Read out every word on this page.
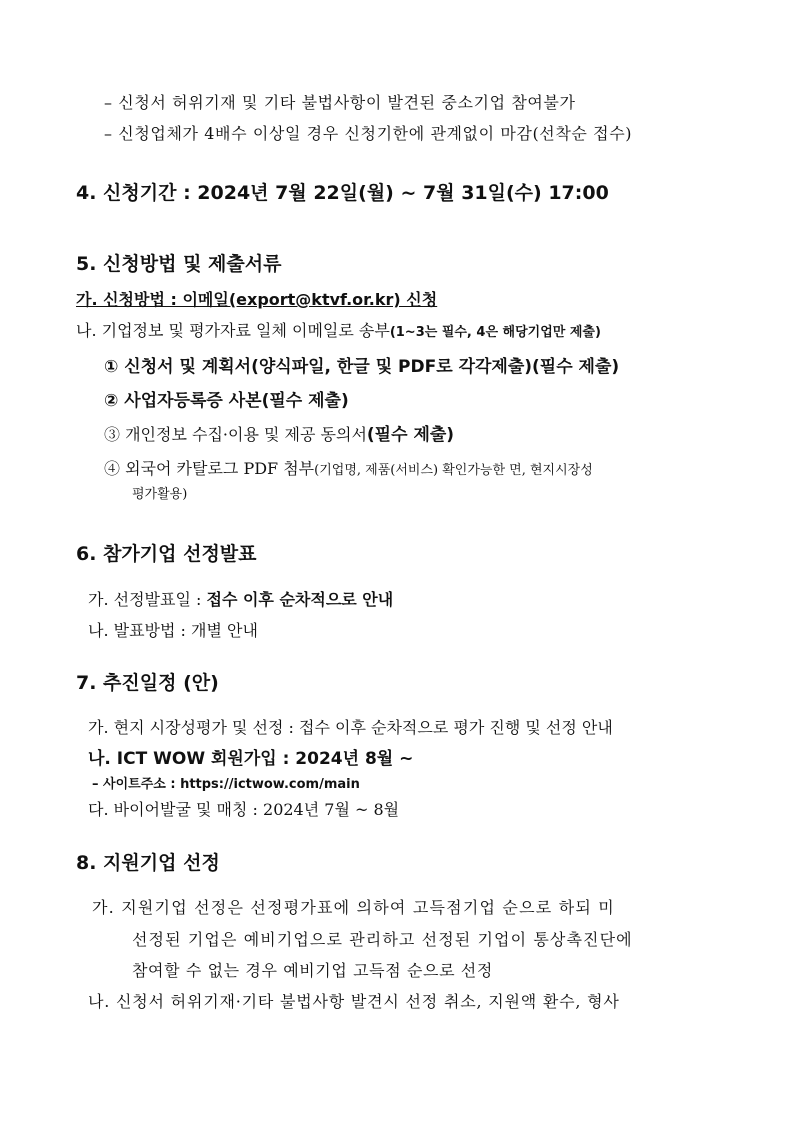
– 신청서 허위기재 및 기타 불법사항이 발견된 중소기업 참여불가
– 신청업체가 4배수 이상일 경우 신청기한에 관계없이 마감(선착순 접수)
4. 신청기간 : 2024년 7월 22일(월) ~ 7월 31일(수) 17:00
5. 신청방법 및 제출서류
가. 신청방법 : 이메일(export@ktvf.or.kr) 신청
나. 기업정보 및 평가자료 일체 이메일로 송부(1~3는 필수, 4은 해당기업만 제출)
① 신청서 및 계획서(양식파일, 한글 및 PDF로 각각제출)(필수 제출)
② 사업자등록증 사본(필수 제출)
③ 개인정보 수집·이용 및 제공 동의서(필수 제출)
④ 외국어 카탈로그 PDF 첨부(기업명, 제품(서비스) 확인가능한 면, 현지시장성
평가활용)
6. 참가기업 선정발표
가. 선정발표일 : 접수 이후 순차적으로 안내
나. 발표방법 : 개별 안내
7. 추진일정 (안)
가. 현지 시장성평가 및 선정 : 접수 이후 순차적으로 평가 진행 및 선정 안내
나. ICT WOW 회원가입 : 2024년 8월 ~
– 사이트주소 : https://ictwow.com/main
다. 바이어발굴 및 매칭 : 2024년 7월 ~ 8월
8. 지원기업 선정
가. 지원기업 선정은 선정평가표에 의하여 고득점기업 순으로 하되 미
선정된 기업은 예비기업으로 관리하고 선정된 기업이 통상촉진단에
참여할 수 없는 경우 예비기업 고득점 순으로 선정
나. 신청서 허위기재·기타 불법사항 발견시 선정 취소, 지원액 환수, 형사
